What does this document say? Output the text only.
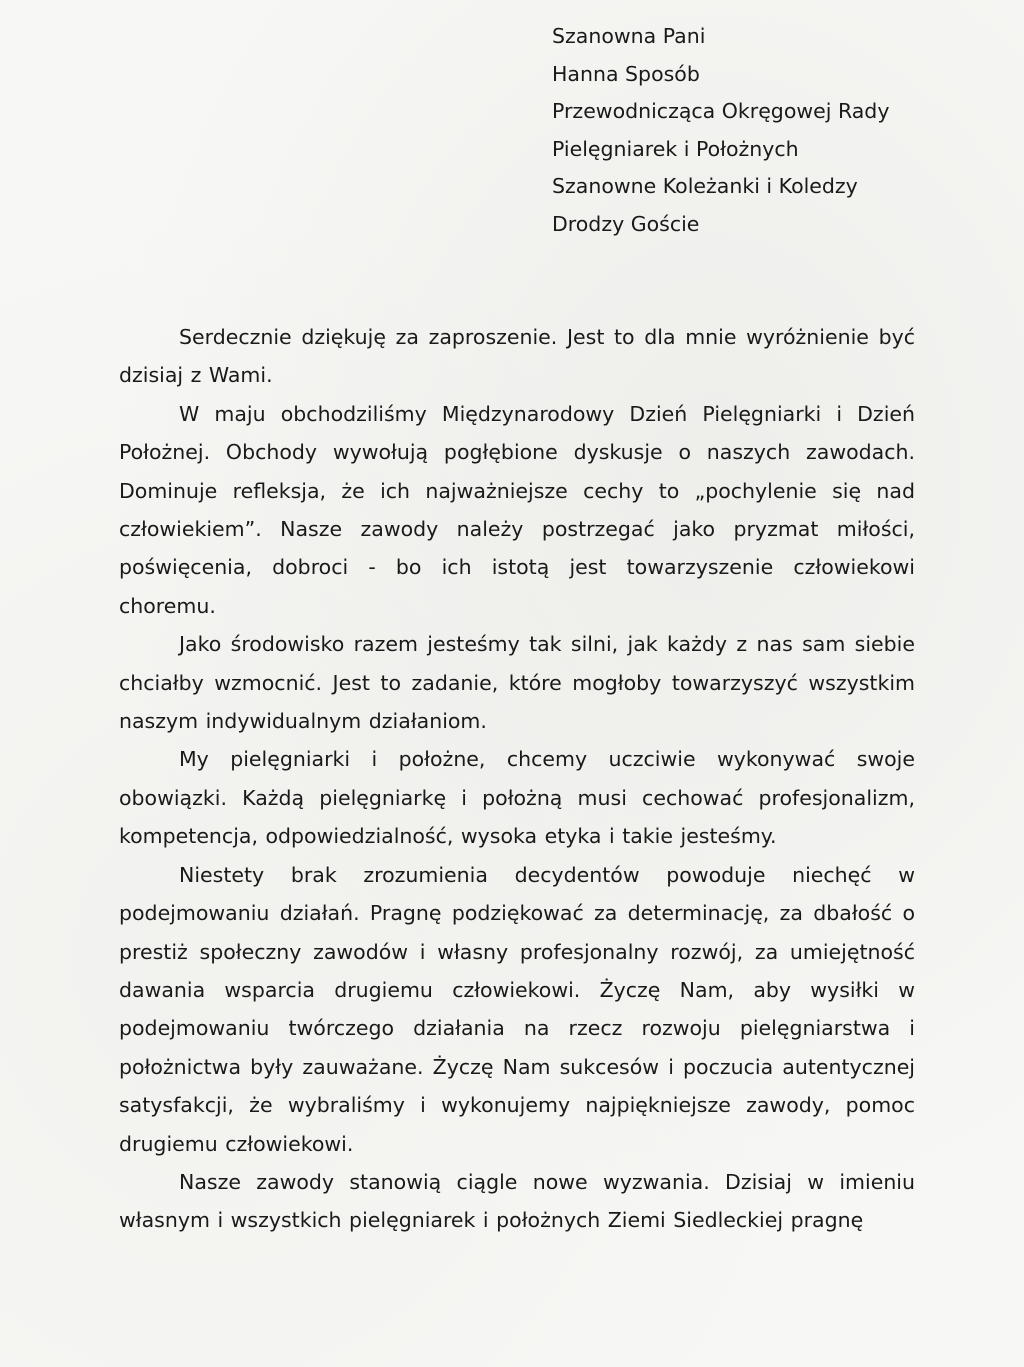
Szanowna Pani
Hanna Sposób
Przewodnicząca Okręgowej Rady
Pielęgniarek i Położnych
Szanowne Koleżanki i Koledzy
Drodzy Goście

Serdecznie dziękuję za zaproszenie. Jest to dla mnie wyróżnienie być dzisiaj z Wami.

W maju obchodziliśmy Międzynarodowy Dzień Pielęgniarki i Dzień Położnej. Obchody wywołują pogłębione dyskusje o naszych zawodach. Dominuje refleksja, że ich najważniejsze cechy to „pochylenie się nad człowiekiem”. Nasze zawody należy postrzegać jako pryzmat miłości, poświęcenia, dobroci - bo ich istotą jest towarzyszenie człowiekowi choremu.

Jako środowisko razem jesteśmy tak silni, jak każdy z nas sam siebie chciałby wzmocnić. Jest to zadanie, które mogłoby towarzyszyć wszystkim naszym indywidualnym działaniom.

My pielęgniarki i położne, chcemy uczciwie wykonywać swoje obowiązki. Każdą pielęgniarkę i położną musi cechować profesjonalizm, kompetencja, odpowiedzialność, wysoka etyka i takie jesteśmy.

Niestety brak zrozumienia decydentów powoduje niechęć w podejmowaniu działań. Pragnę podziękować za determinację, za dbałość o prestiż społeczny zawodów i własny profesjonalny rozwój, za umiejętność dawania wsparcia drugiemu człowiekowi. Życzę Nam, aby wysiłki w podejmowaniu twórczego działania na rzecz rozwoju pielęgniarstwa i położnictwa były zauważane. Życzę Nam sukcesów i poczucia autentycznej satysfakcji, że wybraliśmy i wykonujemy najpiękniejsze zawody, pomoc drugiemu człowiekowi.

Nasze zawody stanowią ciągle nowe wyzwania. Dzisiaj w imieniu własnym i wszystkich pielęgniarek i położnych Ziemi Siedleckiej pragnę
